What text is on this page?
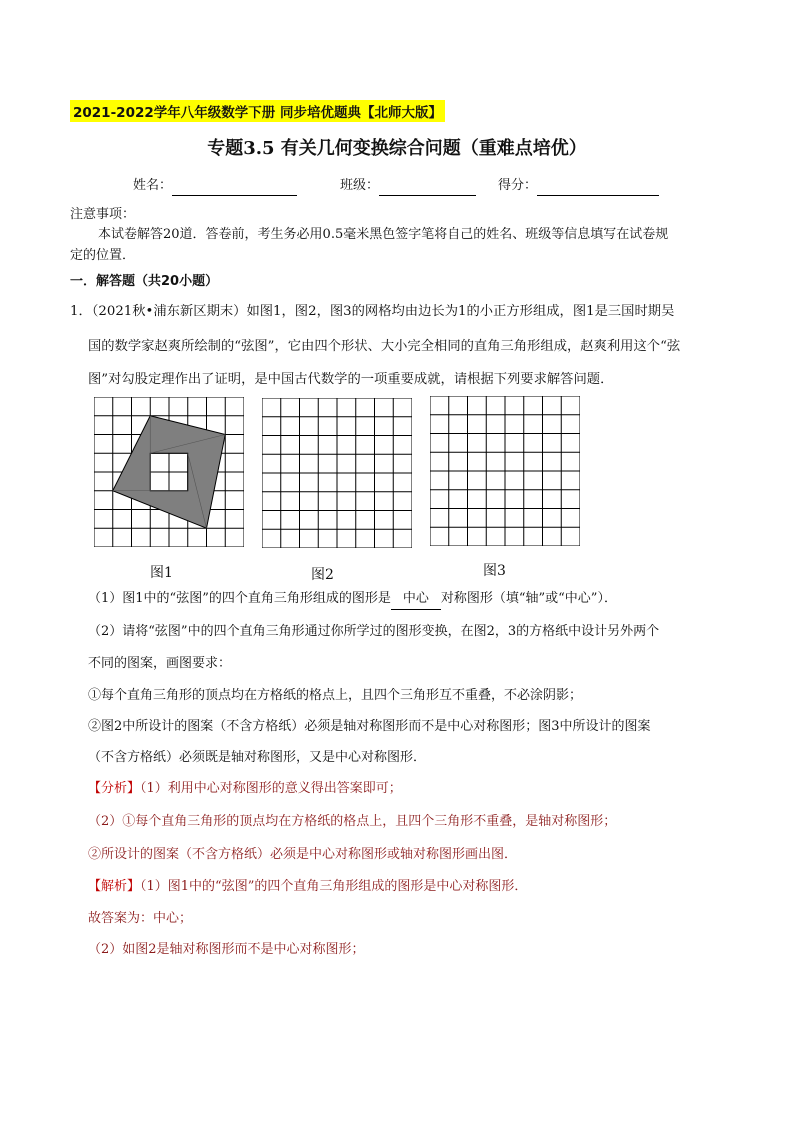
2021-2022学年八年级数学下册 同步培优题典【北师大版】
专题3.5 有关几何变换综合问题（重难点培优）
姓名：	班级：	得分：
注意事项：
本试卷解答20道．答卷前，考生务必用0.5毫米黑色签字笔将自己的姓名、班级等信息填写在试卷规
定的位置．
一．解答题（共20小题）
1．（2021秋•浦东新区期末）如图1，图2，图3的网格均由边长为1的小正方形组成，图1是三国时期吴
国的数学家赵爽所绘制的“弦图”，它由四个形状、大小完全相同的直角三角形组成，赵爽利用这个“弦
图”对勾股定理作出了证明，是中国古代数学的一项重要成就，请根据下列要求解答问题．
图1	图2	图3
（1）图1中的“弦图”的四个直角三角形组成的图形是 中心 对称图形（填“轴”或“中心”）．
（2）请将“弦图”中的四个直角三角形通过你所学过的图形变换，在图2，3的方格纸中设计另外两个
不同的图案，画图要求：
①每个直角三角形的顶点均在方格纸的格点上，且四个三角形互不重叠，不必涂阴影；
②图2中所设计的图案（不含方格纸）必须是轴对称图形而不是中心对称图形；图3中所设计的图案
（不含方格纸）必须既是轴对称图形，又是中心对称图形．
【分析】（1）利用中心对称图形的意义得出答案即可；
（2）①每个直角三角形的顶点均在方格纸的格点上，且四个三角形不重叠，是轴对称图形；
②所设计的图案（不含方格纸）必须是中心对称图形或轴对称图形画出图．
【解析】（1）图1中的“弦图”的四个直角三角形组成的图形是中心对称图形．
故答案为：中心；
（2）如图2是轴对称图形而不是中心对称图形；
